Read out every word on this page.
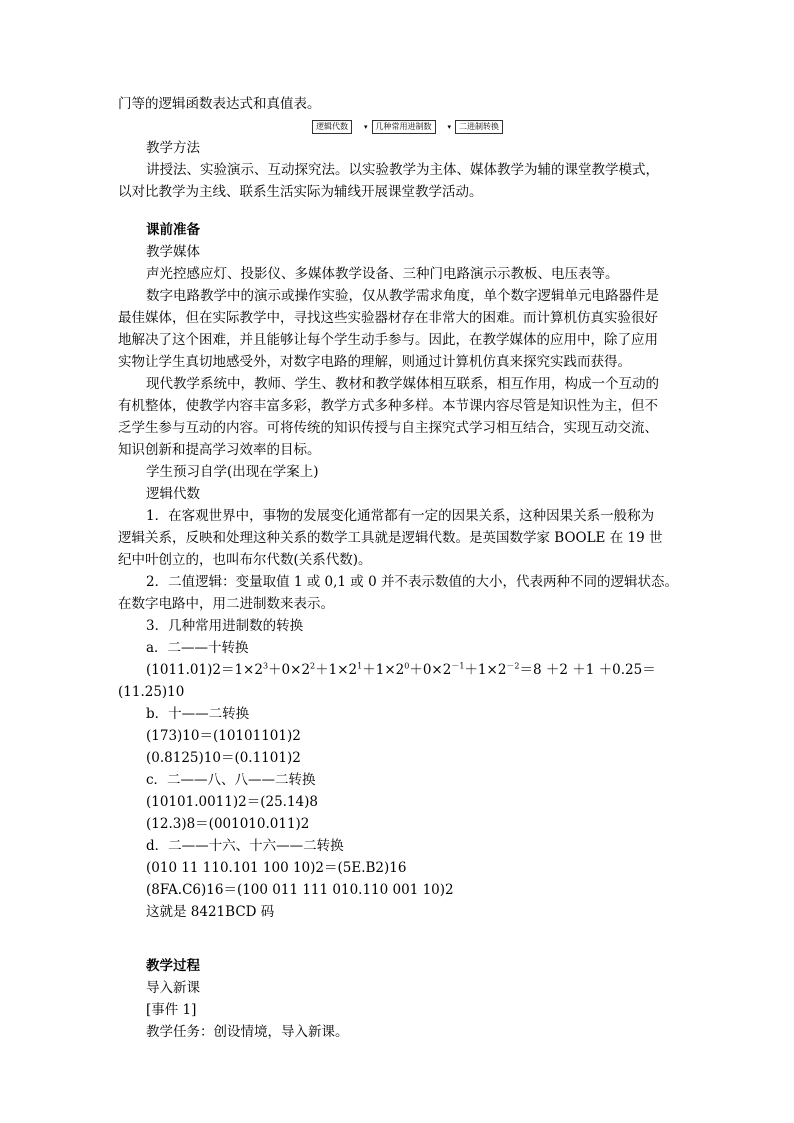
门等的逻辑函数表达式和真值表。
逻辑代数	▾	几种常用进制数	▾	二进制转换
教学方法
讲授法、实验演示、互动探究法。以实验教学为主体、媒体教学为辅的课堂教学模式，
以对比教学为主线、联系生活实际为辅线开展课堂教学活动。
课前准备
教学媒体
声光控感应灯、投影仪、多媒体教学设备、三种门电路演示示教板、电压表等。
数字电路教学中的演示或操作实验，仅从教学需求角度，单个数字逻辑单元电路器件是
最佳媒体，但在实际教学中，寻找这些实验器材存在非常大的困难。而计算机仿真实验很好
地解决了这个困难，并且能够让每个学生动手参与。因此，在教学媒体的应用中，除了应用
实物让学生真切地感受外，对数字电路的理解，则通过计算机仿真来探究实践而获得。
现代教学系统中，教师、学生、教材和教学媒体相互联系，相互作用，构成一个互动的
有机整体，使教学内容丰富多彩，教学方式多种多样。本节课内容尽管是知识性为主，但不
乏学生参与互动的内容。可将传统的知识传授与自主探究式学习相互结合，实现互动交流、
知识创新和提高学习效率的目标。
学生预习自学(出现在学案上)
逻辑代数
1．在客观世界中，事物的发展变化通常都有一定的因果关系，这种因果关系一般称为
逻辑关系，反映和处理这种关系的数学工具就是逻辑代数。是英国数学家 BOOLE 在 19 世
纪中叶创立的，也叫布尔代数(关系代数)。
2．二值逻辑：变量取值 1 或 0,1 或 0 并不表示数值的大小，代表两种不同的逻辑状态。
在数字电路中，用二进制数来表示。
3．几种常用进制数的转换
a．二——十转换
$(1011.01)2=1\times 2^3+0\times 2^2+1\times 2^1+1\times 2^0+0\times 2^{-1}+1\times 2^{-2}=8 +2 +1 +0.25=$
(11.25)10
b．十——二转换
(173)10＝(10101101)2
(0.8125)10＝(0.1101)2
c．二——八、八——二转换
(10101.0011)2＝(25.14)8
(12.3)8＝(001010.011)2
d．二——十六、十六——二转换
(010 11 110.101 100 10)2＝(5E.B2)16
(8FA.C6)16＝(100 011 111 010.110 001 10)2
这就是 8421BCD 码
教学过程
导入新课
[事件 1]
教学任务：创设情境，导入新课。
